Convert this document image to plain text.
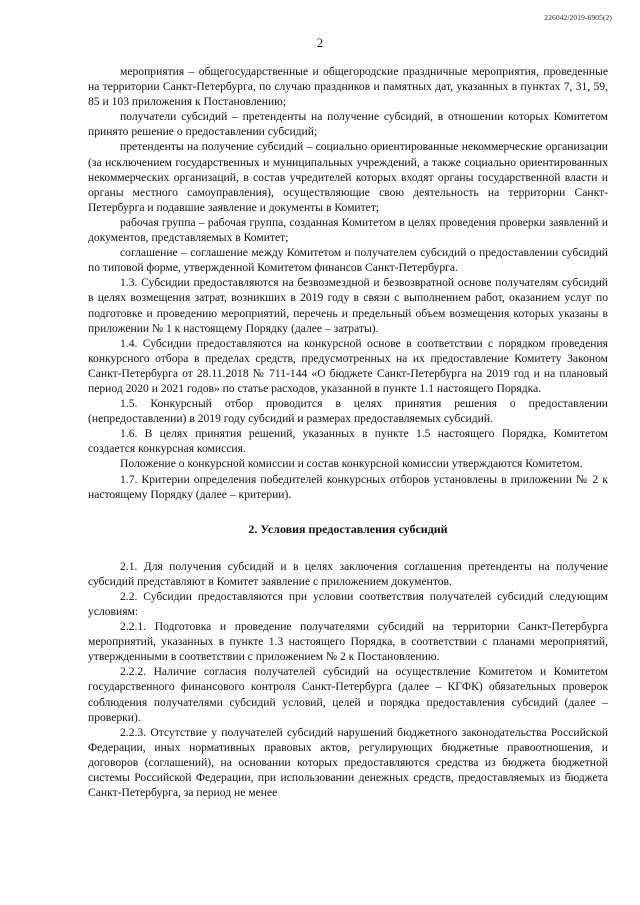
226042/2019-6905(2)
2

мероприятия – общегосударственные и общегородские праздничные мероприятия, проведенные на территории Санкт-Петербурга, по случаю праздников и памятных дат, указанных в пунктах 7, 31, 59, 85 и 103 приложения к Постановлению;

получатели субсидий – претенденты на получение субсидий, в отношении которых Комитетом принято решение о предоставлении субсидий;

претенденты на получение субсидий – социально ориентированные некоммерческие организации (за исключением государственных и муниципальных учреждений, а также социально ориентированных некоммерческих организаций, в состав учредителей которых входят органы государственной власти и органы местного самоуправления), осуществляющие свою деятельность на территории Санкт-Петербурга и подавшие заявление и документы в Комитет;

рабочая группа – рабочая группа, созданная Комитетом в целях проведения проверки заявлений и документов, представляемых в Комитет;

соглашение – соглашение между Комитетом и получателем субсидий о предоставлении субсидий по типовой форме, утвержденной Комитетом финансов Санкт-Петербурга.

1.3. Субсидии предоставляются на безвозмездной и безвозвратной основе получателям субсидий в целях возмещения затрат, возникших в 2019 году в связи с выполнением работ, оказанием услуг по подготовке и проведению мероприятий, перечень и предельный объем возмещения которых указаны в приложении № 1 к настоящему Порядку (далее – затраты).

1.4. Субсидии предоставляются на конкурсной основе в соответствии с порядком проведения конкурсного отбора в пределах средств, предусмотренных на их предоставление Комитету Законом Санкт-Петербурга от 28.11.2018 № 711-144 «О бюджете Санкт-Петербурга на 2019 год и на плановый период 2020 и 2021 годов» по статье расходов, указанной в пункте 1.1 настоящего Порядка.

1.5. Конкурсный отбор проводится в целях принятия решения о предоставлении (непредоставлении) в 2019 году субсидий и размерах предоставляемых субсидий.

1.6. В целях принятия решений, указанных в пункте 1.5 настоящего Порядка, Комитетом создается конкурсная комиссия.

Положение о конкурсной комиссии и состав конкурсной комиссии утверждаются Комитетом.

1.7. Критерии определения победителей конкурсных отборов установлены в приложении № 2 к настоящему Порядку (далее – критерии).

2. Условия предоставления субсидий

2.1. Для получения субсидий и в целях заключения соглашения претенденты на получение субсидий представляют в Комитет заявление с приложением документов.

2.2. Субсидии предоставляются при условии соответствия получателей субсидий следующим условиям:

2.2.1. Подготовка и проведение получателями субсидий на территории Санкт-Петербурга мероприятий, указанных в пункте 1.3 настоящего Порядка, в соответствии с планами мероприятий, утвержденными в соответствии с приложением № 2 к Постановлению.

2.2.2. Наличие согласия получателей субсидий на осуществление Комитетом и Комитетом государственного финансового контроля Санкт-Петербурга (далее – КГФК) обязательных проверок соблюдения получателями субсидий условий, целей и порядка предоставления субсидий (далее – проверки).

2.2.3. Отсутствие у получателей субсидий нарушений бюджетного законодательства Российской Федерации, иных нормативных правовых актов, регулирующих бюджетные правоотношения, и договоров (соглашений), на основании которых предоставляются средства из бюджета бюджетной системы Российской Федерации, при использовании денежных средств, предоставляемых из бюджета Санкт-Петербурга, за период не менее
